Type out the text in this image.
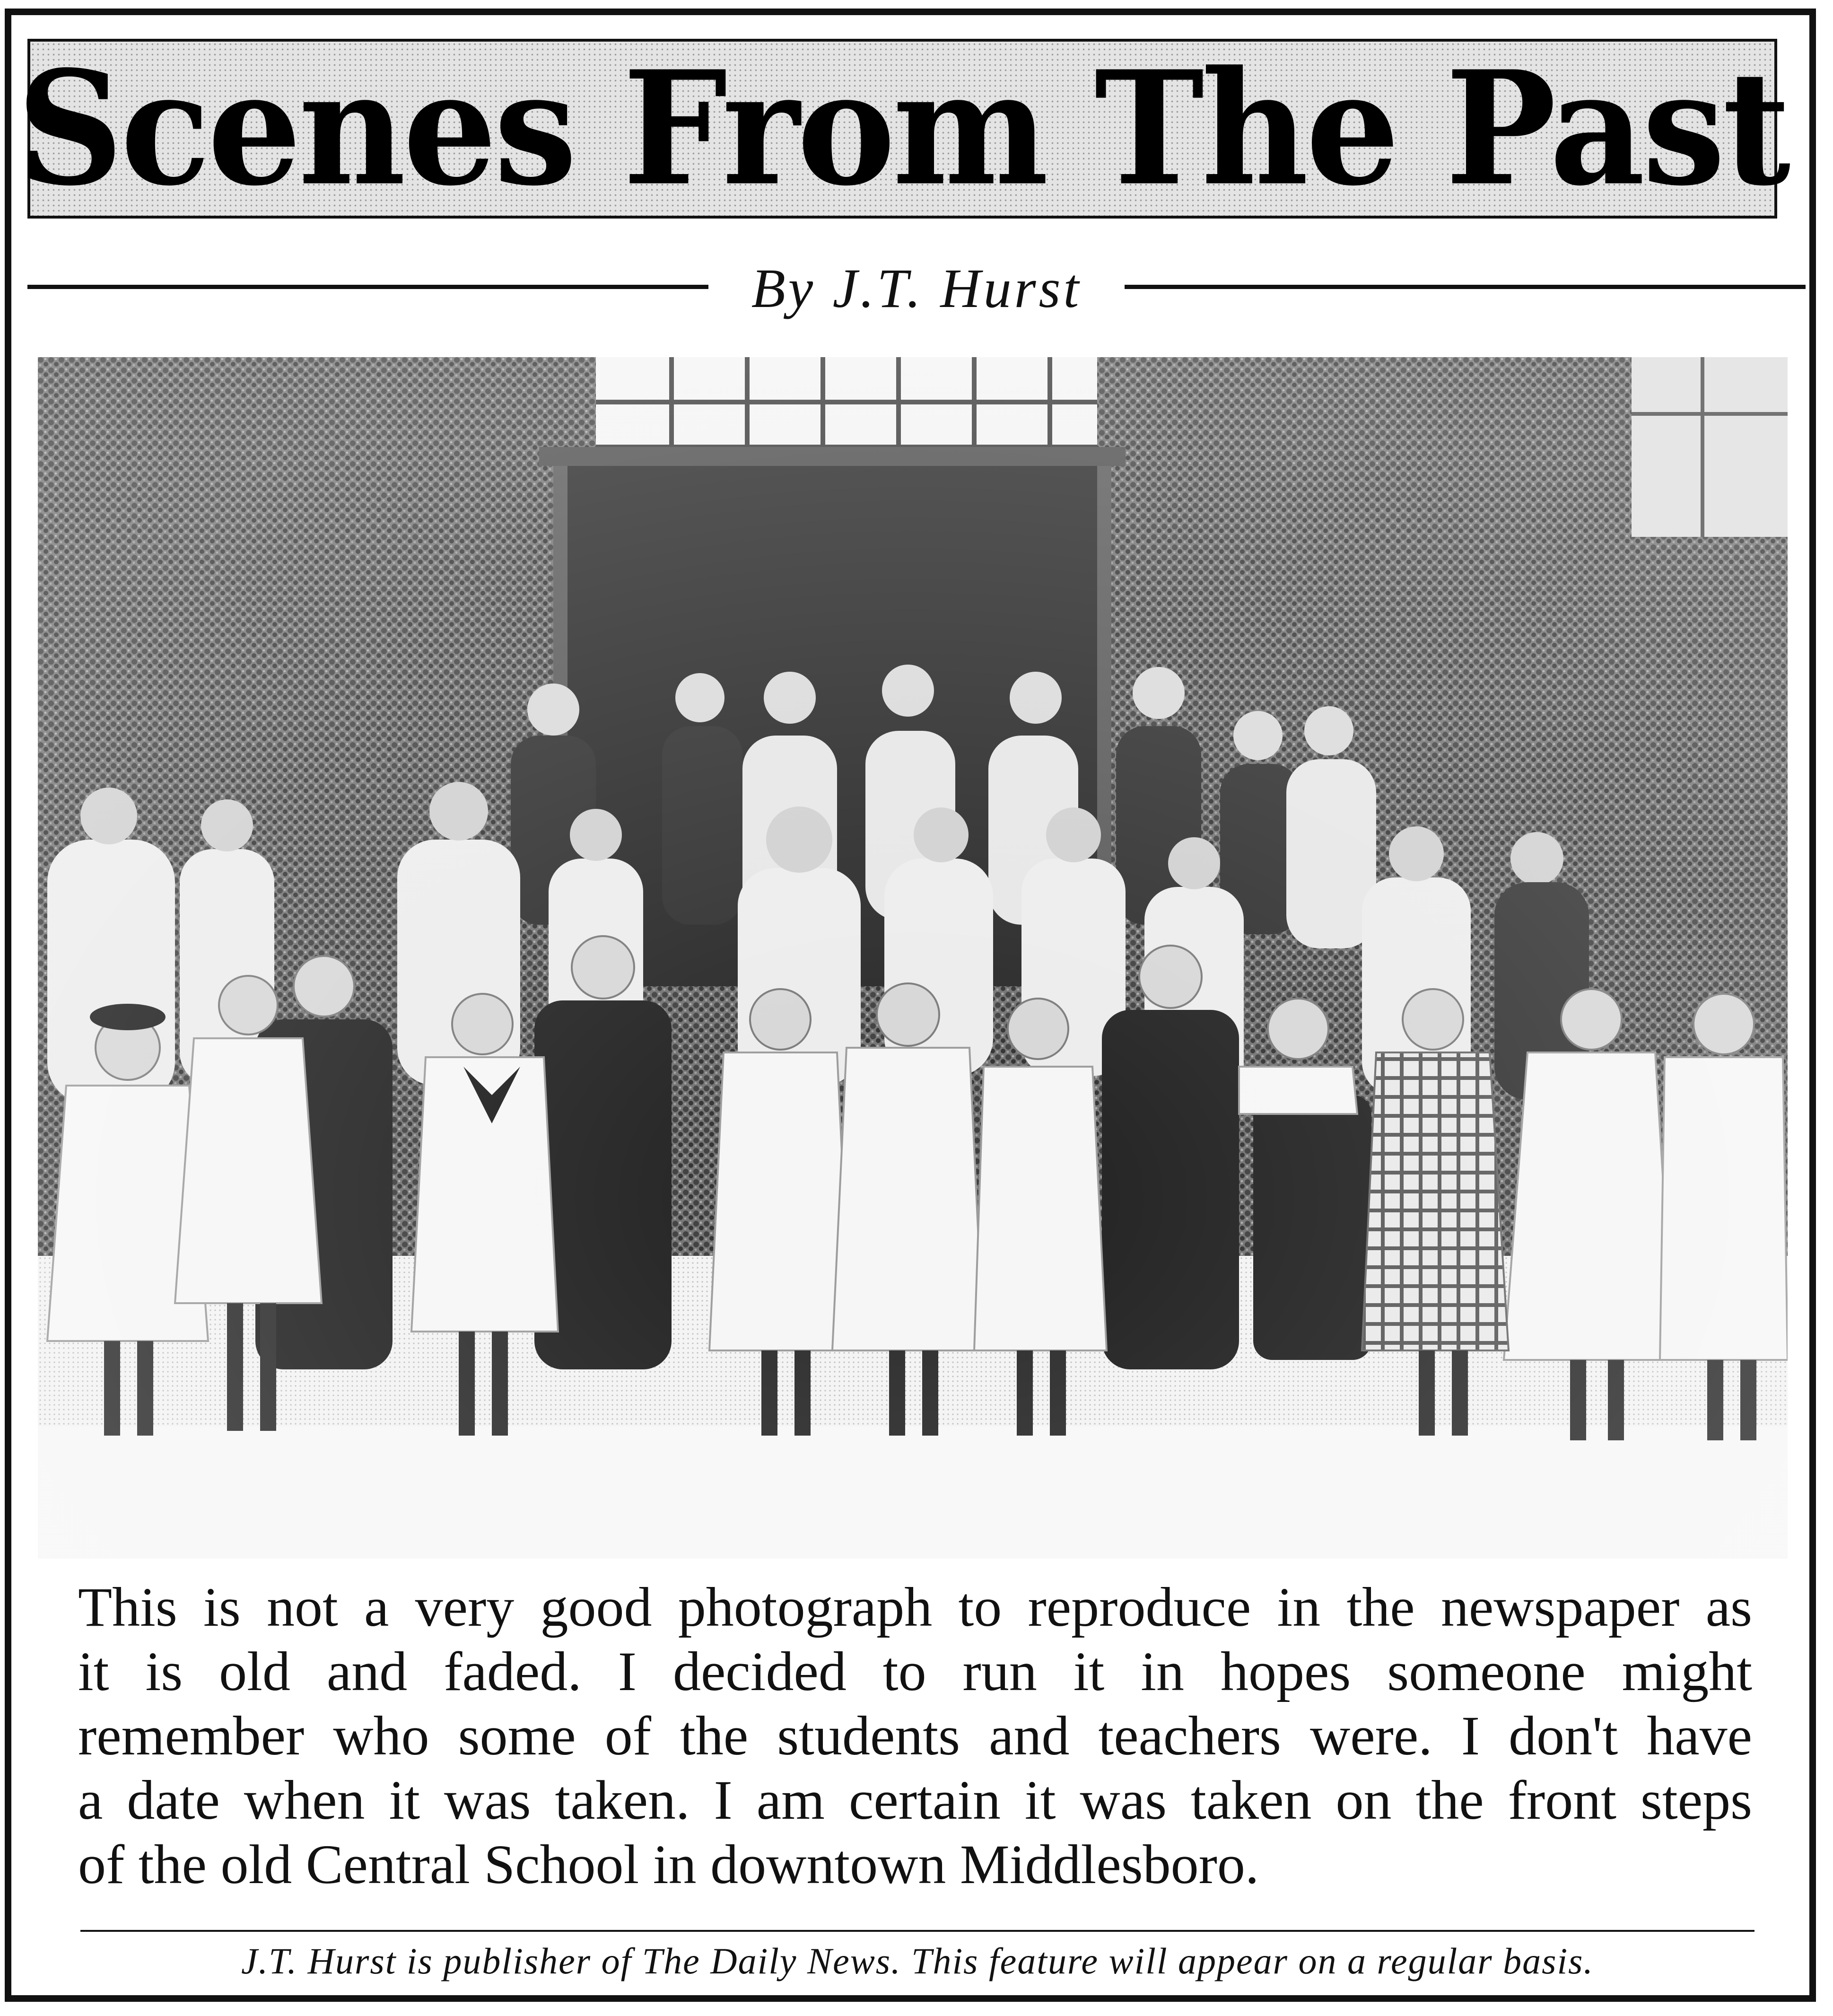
Scenes From The Past
By J.T. Hurst
This is not a very good photograph to reproduce in the newspaper as
it is old and faded. I decided to run it in hopes someone might
remember who some of the students and teachers were. I don't have
a date when it was taken. I am certain it was taken on the front steps
of the old Central School in downtown Middlesboro.
J.T. Hurst is publisher of The Daily News. This feature will appear on a regular basis.
